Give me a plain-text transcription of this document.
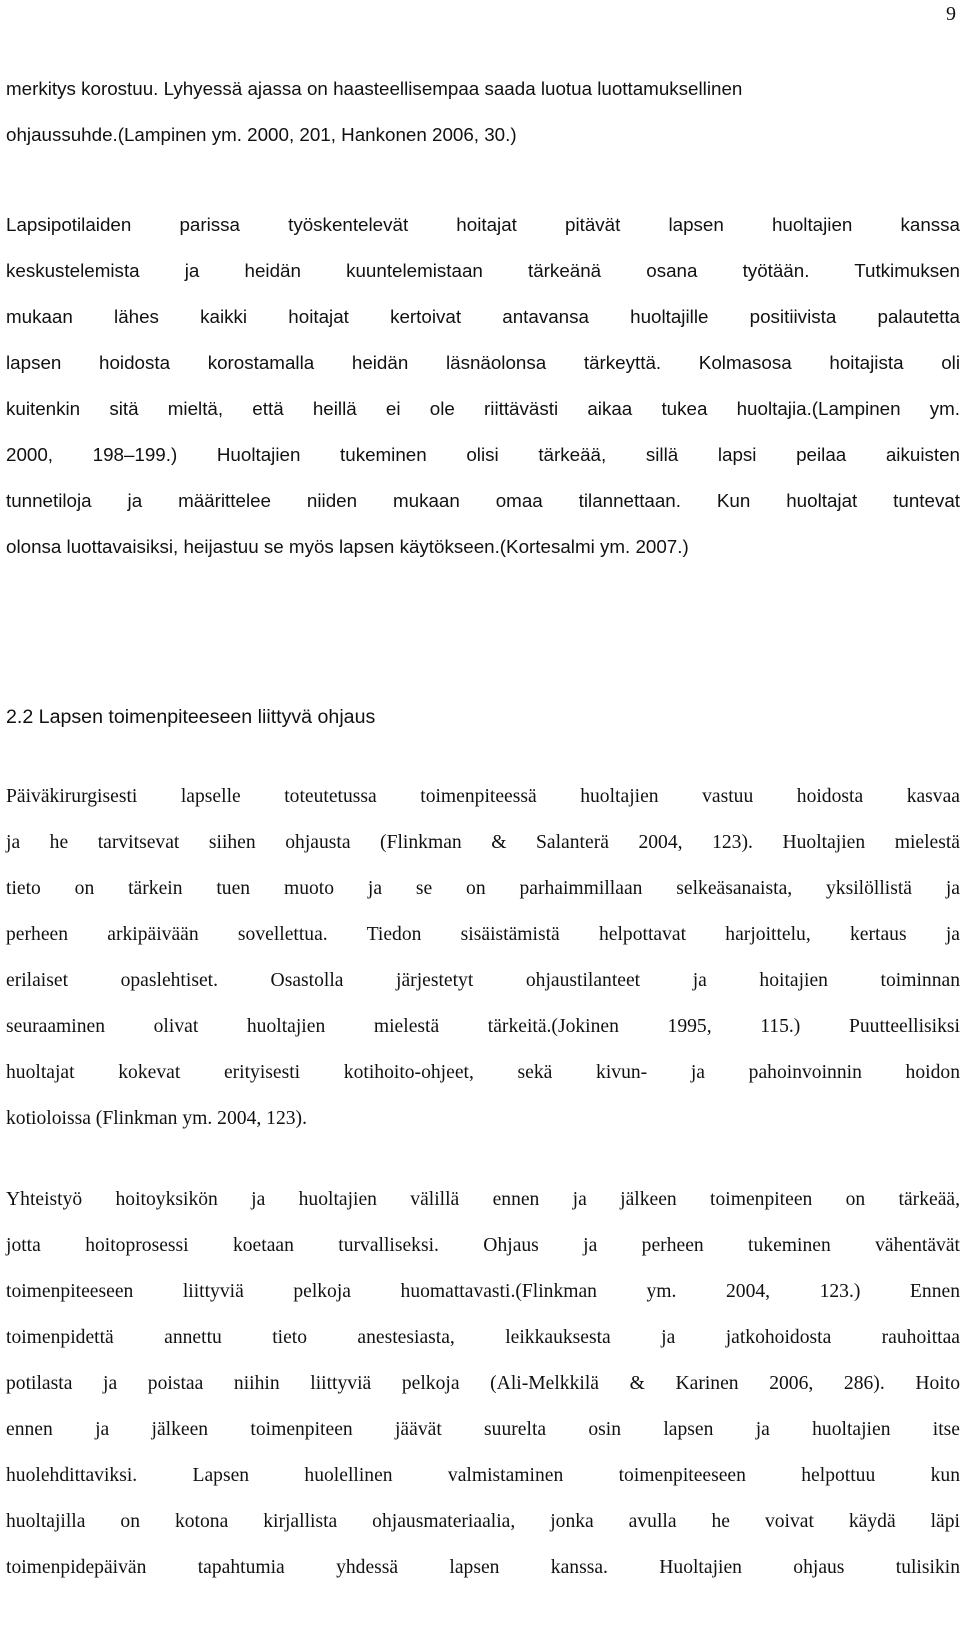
9
merkitys korostuu. Lyhyessä ajassa on haasteellisempaa saada luotua luottamuksellinen
ohjaussuhde.(Lampinen ym. 2000, 201, Hankonen 2006, 30.)
Lapsipotilaiden parissa työskentelevät hoitajat pitävät lapsen huoltajien kanssa
keskustelemista ja heidän kuuntelemistaan tärkeänä osana työtään. Tutkimuksen
mukaan lähes kaikki hoitajat kertoivat antavansa huoltajille positiivista palautetta
lapsen hoidosta korostamalla heidän läsnäolonsa tärkeyttä. Kolmasosa hoitajista oli
kuitenkin sitä mieltä, että heillä ei ole riittävästi aikaa tukea huoltajia.(Lampinen ym.
2000, 198–199.) Huoltajien tukeminen olisi tärkeää, sillä lapsi peilaa aikuisten
tunnetiloja ja määrittelee niiden mukaan omaa tilannettaan. Kun huoltajat tuntevat
olonsa luottavaisiksi, heijastuu se myös lapsen käytökseen.(Kortesalmi ym. 2007.)
2.2 Lapsen toimenpiteeseen liittyvä ohjaus
Päiväkirurgisesti lapselle toteutetussa toimenpiteessä huoltajien vastuu hoidosta kasvaa
ja he tarvitsevat siihen ohjausta (Flinkman & Salanterä 2004, 123). Huoltajien mielestä
tieto on tärkein tuen muoto ja se on parhaimmillaan selkeäsanaista, yksilöllistä ja
perheen arkipäivään sovellettua. Tiedon sisäistämistä helpottavat harjoittelu, kertaus ja
erilaiset opaslehtiset. Osastolla järjestetyt ohjaustilanteet ja hoitajien toiminnan
seuraaminen olivat huoltajien mielestä tärkeitä.(Jokinen 1995, 115.) Puutteellisiksi
huoltajat kokevat erityisesti kotihoito-ohjeet, sekä kivun- ja pahoinvoinnin hoidon
kotioloissa (Flinkman ym. 2004, 123).
Yhteistyö hoitoyksikön ja huoltajien välillä ennen ja jälkeen toimenpiteen on tärkeää,
jotta hoitoprosessi koetaan turvalliseksi. Ohjaus ja perheen tukeminen vähentävät
toimenpiteeseen liittyviä pelkoja huomattavasti.(Flinkman ym. 2004, 123.) Ennen
toimenpidettä annettu tieto anestesiasta, leikkauksesta ja jatkohoidosta rauhoittaa
potilasta ja poistaa niihin liittyviä pelkoja (Ali-Melkkilä & Karinen 2006, 286). Hoito
ennen ja jälkeen toimenpiteen jäävät suurelta osin lapsen ja huoltajien itse
huolehdittaviksi. Lapsen huolellinen valmistaminen toimenpiteeseen helpottuu kun
huoltajilla on kotona kirjallista ohjausmateriaalia, jonka avulla he voivat käydä läpi
toimenpidepäivän tapahtumia yhdessä lapsen kanssa. Huoltajien ohjaus tulisikin
